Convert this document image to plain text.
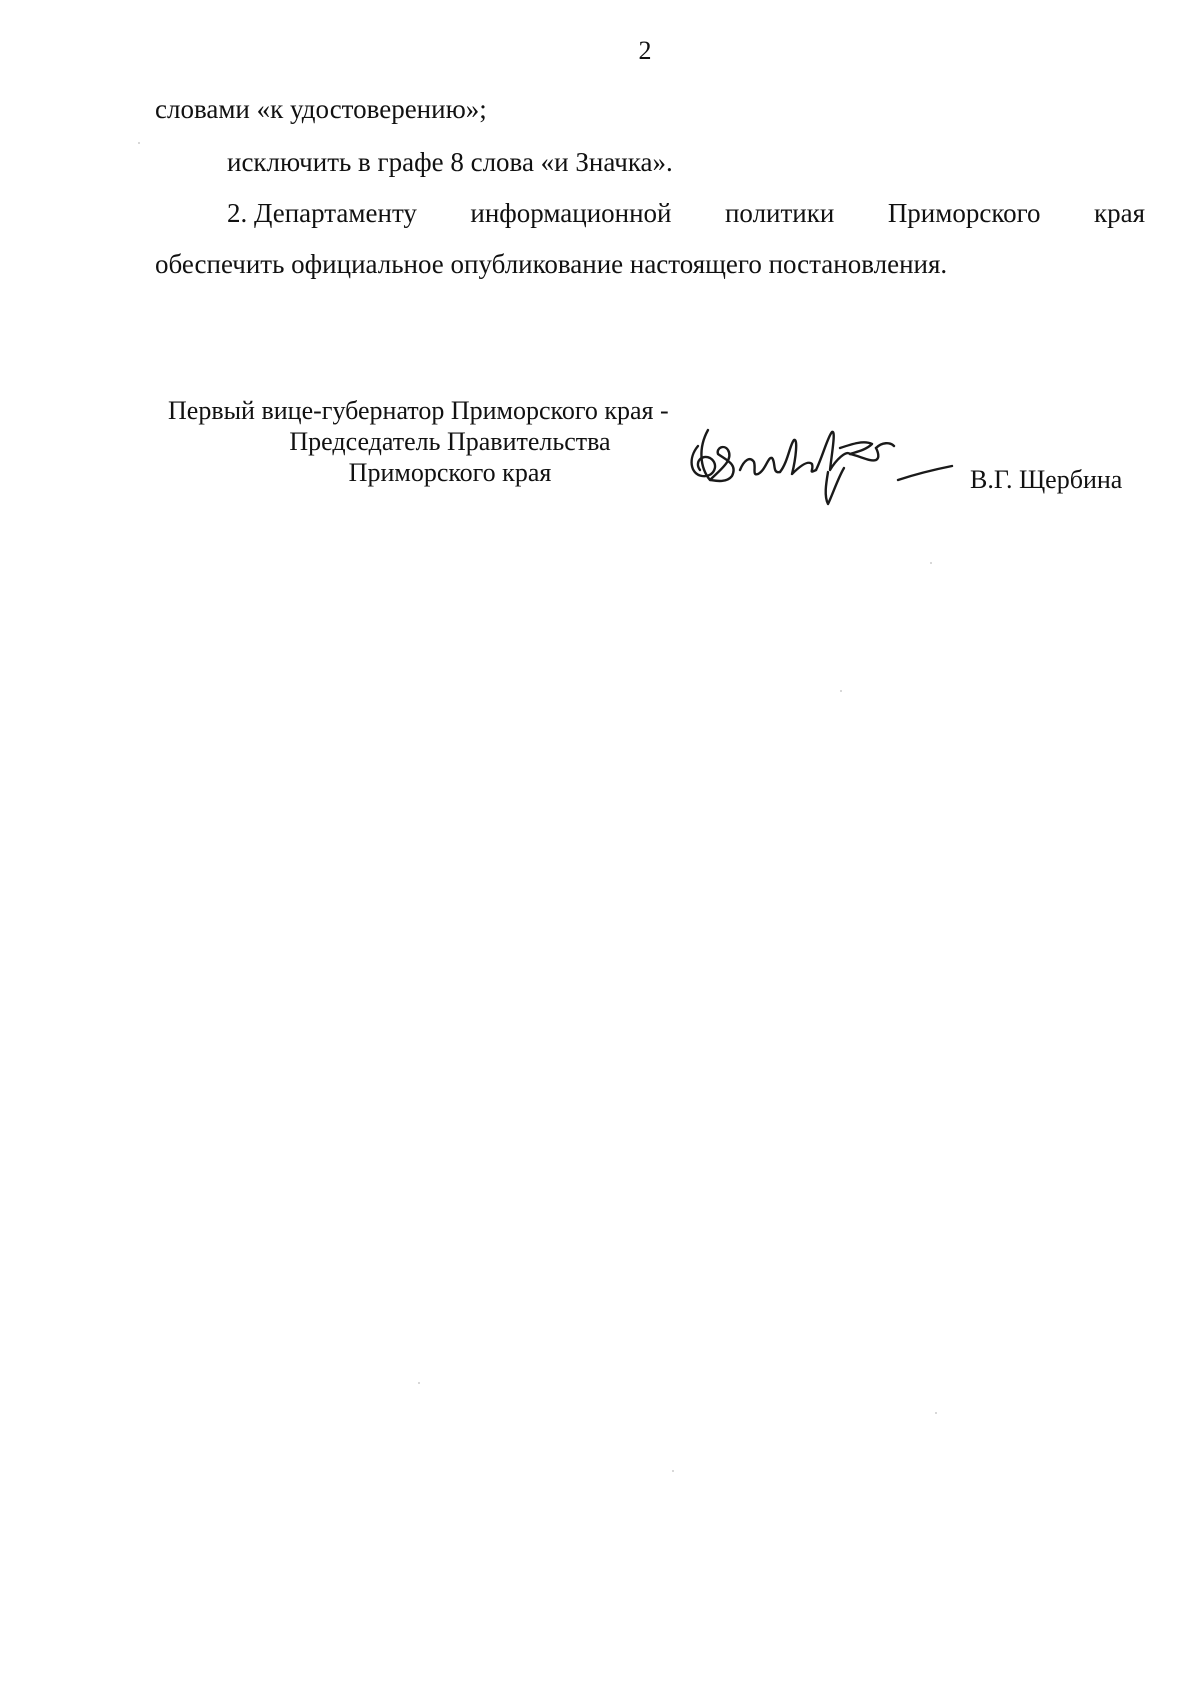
2
словами «к удостоверению»;
исключить в графе 8 слова «и Значка».
2. Департаменту информационной политики Приморского края
обеспечить официальное опубликование настоящего постановления.
Первый вице-губернатор Приморского края -
Председатель Правительства
Приморского края	В.Г. Щербина
